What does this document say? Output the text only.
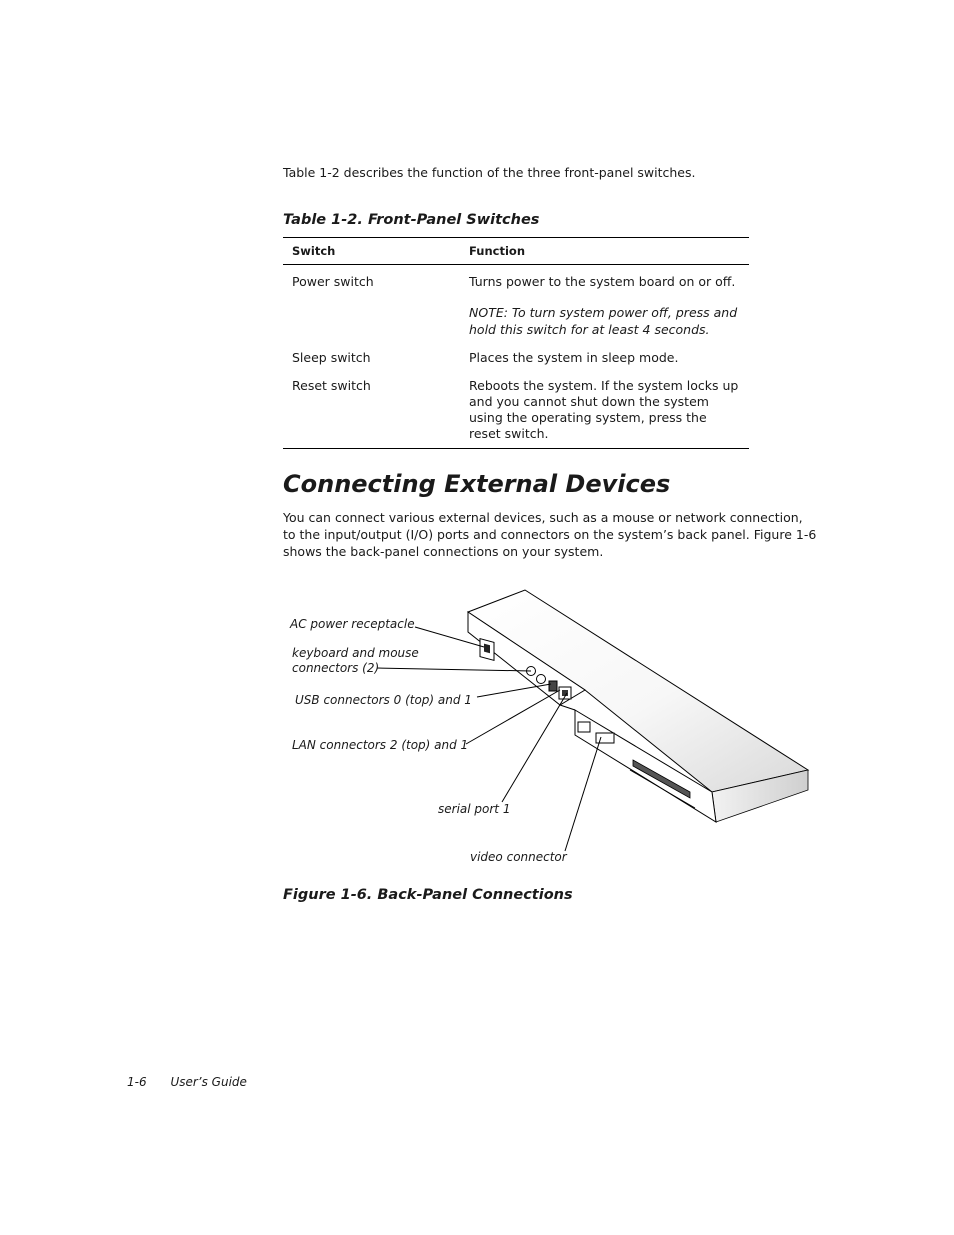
Table 1-2 describes the function of the three front-panel switches.

Table 1-2. Front-Panel Switches
Switch	Function
Power switch	Turns power to the system board on or off.
NOTE: To turn system power off, press and hold this switch for at least 4 seconds.

Sleep switch	Places the system in sleep mode.
Reset switch	Reboots the system. If the system locks up and you cannot shut down the system using the operating system, press the reset switch.
Connecting External Devices

You can connect various external devices, such as a mouse or network connection, to the input/output (I/O) ports and connectors on the system’s back panel. Figure 1-6 shows the back-panel connections on your system.

AC power receptacle
keyboard and mouse
connectors (2)
USB connectors 0 (top) and 1
LAN connectors 2 (top) and 1
serial port 1
video connector
Figure 1-6. Back-Panel Connections
1-6 User’s Guide
